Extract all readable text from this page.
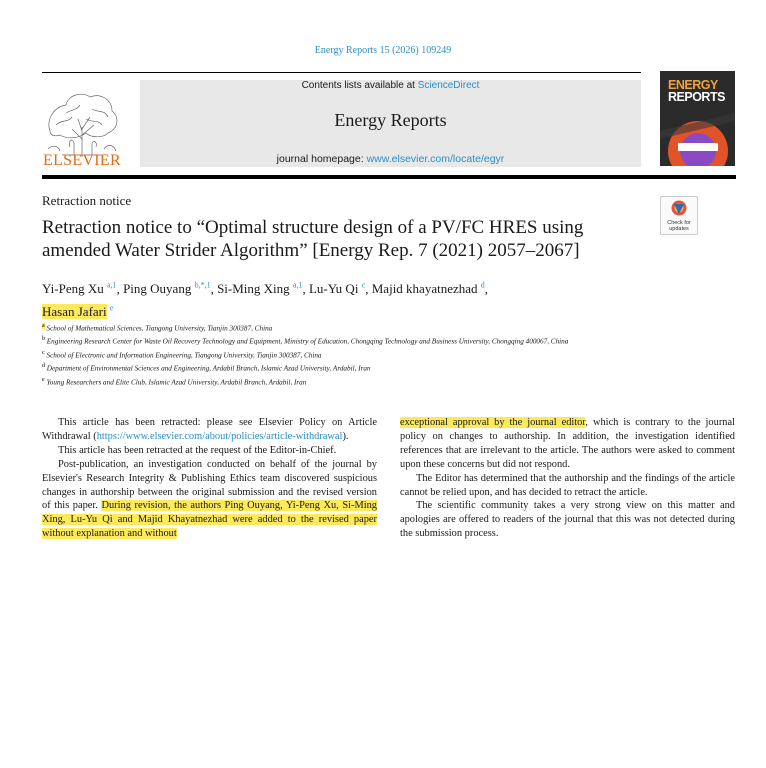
Energy Reports 15 (2026) 109249
ELSEVIER
Contents lists available at ScienceDirect
Energy Reports
journal homepage: www.elsevier.com/locate/egyr
ENERGY
REPORTS
Retraction notice
Check for
updates
Retraction notice to “Optimal structure design of a PV/FC HRES using amended Water Strider Algorithm” [Energy Rep. 7 (2021) 2057–2067]
Yi-Peng Xu $^{a,1}$, Ping Ouyang $^{b,*,1}$, Si-Ming Xing $^{a,1}$, Lu-Yu Qi $^c$, Majid khayatnezhad $^d$,
Hasan Jafari $^e$
$^a$ School of Mathematical Sciences, Tiangong University, Tianjin 300387, China
$^b$ Engineering Research Center for Waste Oil Recovery Technology and Equipment, Ministry of Education, Chongqing Technology and Business University, Chongqing 400067, China
$^c$ School of Electronic and Information Engineering, Tiangong University, Tianjin 300387, China
$^d$ Department of Environmental Sciences and Engineering, Ardabil Branch, Islamic Azad University, Ardabil, Iran
$^e$ Young Researchers and Elite Club, Islamic Azad University, Ardabil Branch, Ardabil, Iran

This article has been retracted: please see Elsevier Policy on Article Withdrawal (https://www.elsevier.com/about/policies/article-withdrawal).

This article has been retracted at the request of the Editor-in-Chief.

Post-publication, an investigation conducted on behalf of the journal by Elsevier's Research Integrity & Publishing Ethics team discovered suspicious changes in authorship between the original submission and the revised version of this paper. During revision, the authors Ping Ouyang, Yi-Peng Xu, Si-Ming Xing, Lu-Yu Qi and Majid Khayatnezhad were added to the revised paper without explanation and without

exceptional approval by the journal editor, which is contrary to the journal policy on changes to authorship. In addition, the investigation identified references that are irrelevant to the article. The authors were asked to comment upon these concerns but did not respond.

The Editor has determined that the authorship and the findings of the article cannot be relied upon, and has decided to retract the article.

The scientific community takes a very strong view on this matter and apologies are offered to readers of the journal that this was not detected during the submission process.
